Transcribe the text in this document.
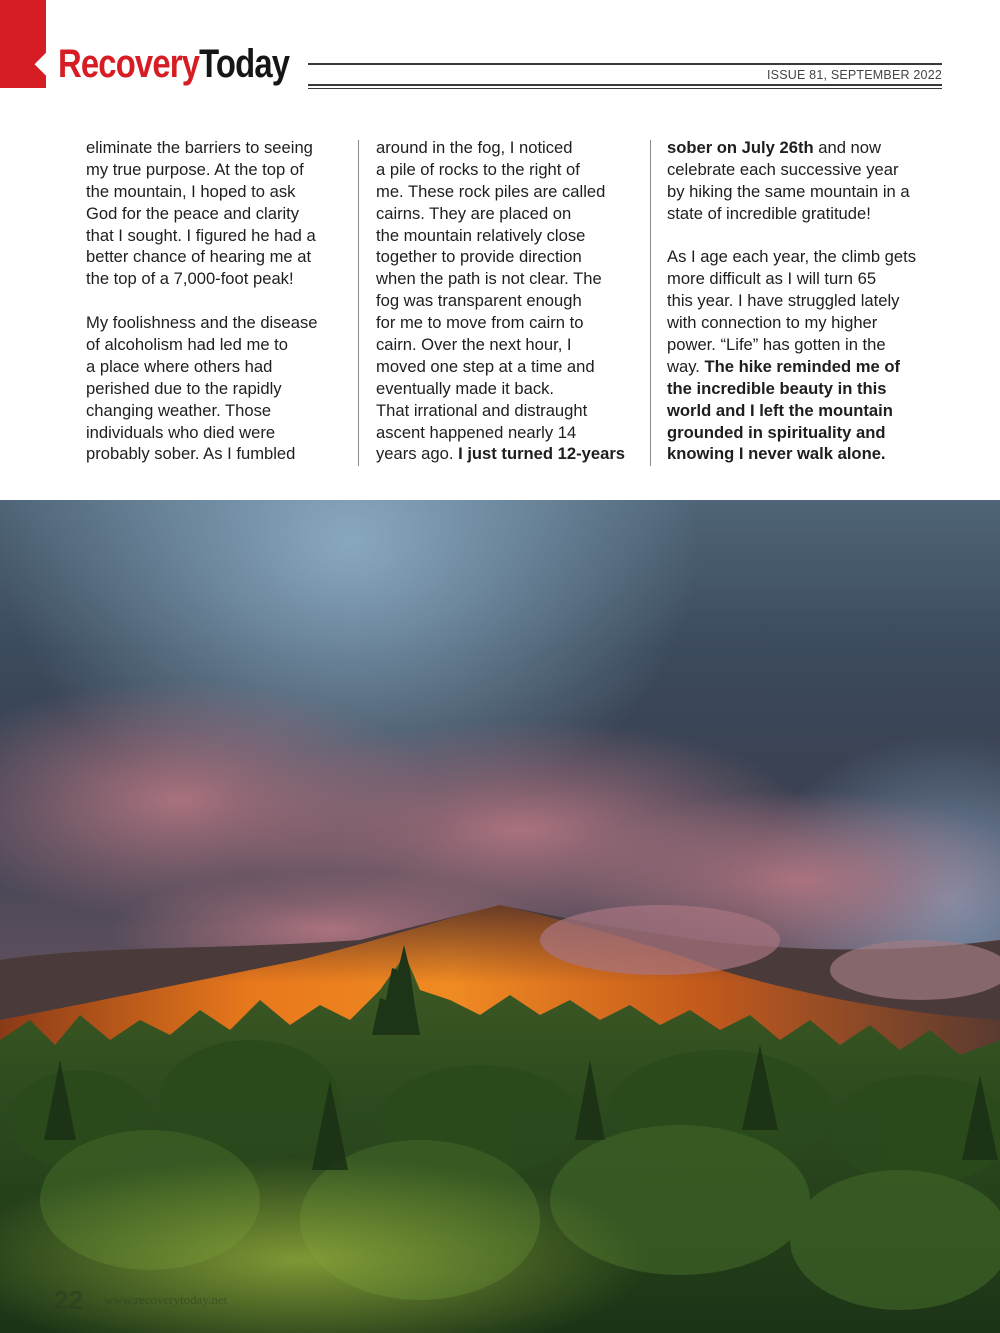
RecoveryToday	ISSUE 81, SEPTEMBER 2022

eliminate the barriers to seeing

my true purpose. At the top of

the mountain, I hoped to ask

God for the peace and clarity

that I sought. I figured he had a

better chance of hearing me at

the top of a 7,000-foot peak!

My foolishness and the disease

of alcoholism had led me to

a place where others had

perished due to the rapidly

changing weather. Those

individuals who died were

probably sober. As I fumbled

around in the fog, I noticed

a pile of rocks to the right of

me. These rock piles are called

cairns. They are placed on

the mountain relatively close

together to provide direction

when the path is not clear. The

fog was transparent enough

for me to move from cairn to

cairn. Over the next hour, I

moved one step at a time and

eventually made it back.

That irrational and distraught

ascent happened nearly 14

years ago. I just turned 12-years

sober on July 26th and now

celebrate each successive year

by hiking the same mountain in a

state of incredible gratitude!

As I age each year, the climb gets

more difficult as I will turn 65

this year. I have struggled lately

with connection to my higher

power. “Life” has gotten in the

way. The hike reminded me of

the incredible beauty in this

world and I left the mountain

grounded in spirituality and

knowing I never walk alone.

22 www.recoverytoday.net
